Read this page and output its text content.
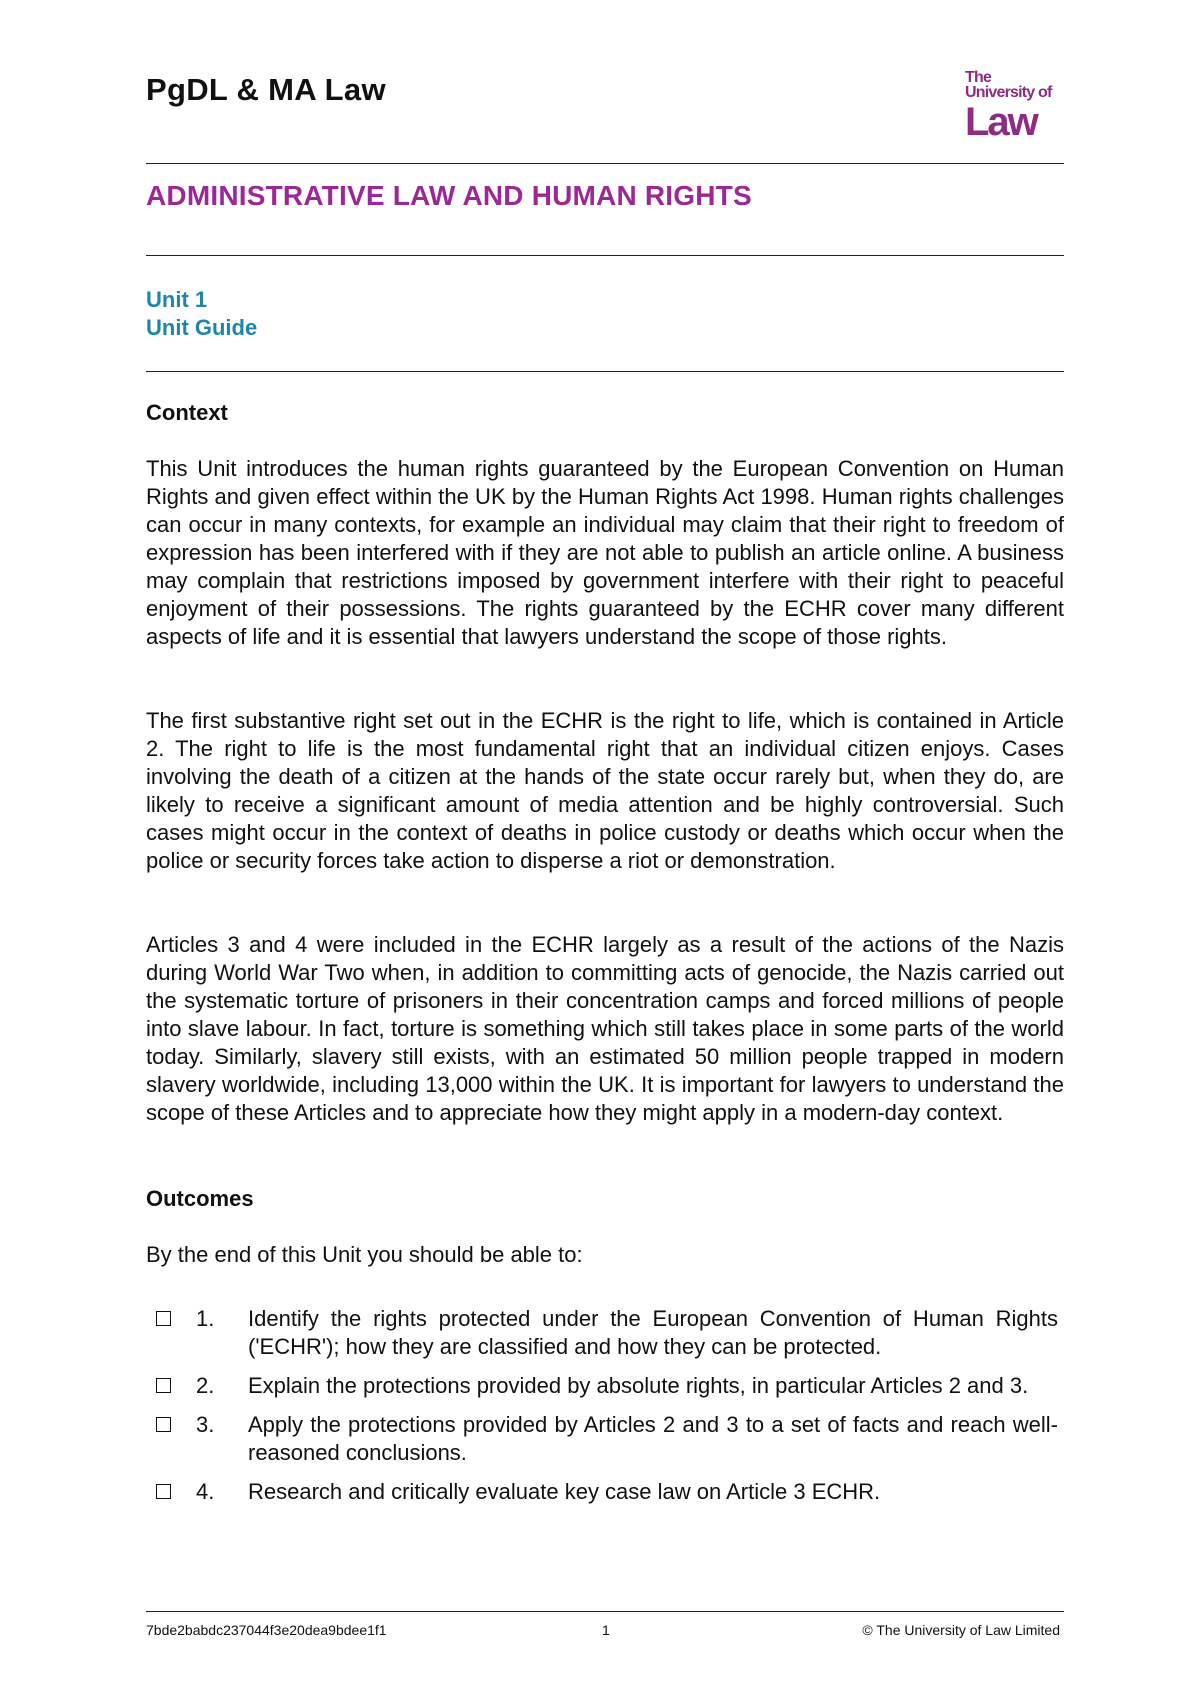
PgDL & MA Law	The
University of
Law
ADMINISTRATIVE LAW AND HUMAN RIGHTS
Unit 1
Unit Guide
Context

This Unit introduces the human rights guaranteed by the European Convention on Human Rights and given effect within the UK by the Human Rights Act 1998. Human rights challenges can occur in many contexts, for example an individual may claim that their right to freedom of expression has been interfered with if they are not able to publish an article online. A business may complain that restrictions imposed by government interfere with their right to peaceful enjoyment of their possessions. The rights guaranteed by the ECHR cover many different aspects of life and it is essential that lawyers understand the scope of those rights.

The first substantive right set out in the ECHR is the right to life, which is contained in Article 2. The right to life is the most fundamental right that an individual citizen enjoys. Cases involving the death of a citizen at the hands of the state occur rarely but, when they do, are likely to receive a significant amount of media attention and be highly controversial. Such cases might occur in the context of deaths in police custody or deaths which occur when the police or security forces take action to disperse a riot or demonstration.

Articles 3 and 4 were included in the ECHR largely as a result of the actions of the Nazis during World War Two when, in addition to committing acts of genocide, the Nazis carried out the systematic torture of prisoners in their concentration camps and forced millions of people into slave labour. In fact, torture is something which still takes place in some parts of the world today. Similarly, slavery still exists, with an estimated 50 million people trapped in modern slavery worldwide, including 13,000 within the UK. It is important for lawyers to understand the scope of these Articles and to appreciate how they might apply in a modern-day context.

Outcomes

By the end of this Unit you should be able to:

1.	Identify the rights protected under the European Convention of Human Rights ('ECHR'); how they are classified and how they can be protected.
2.	Explain the protections provided by absolute rights, in particular Articles 2 and 3.
3.	Apply the protections provided by Articles 2 and 3 to a set of facts and reach well-reasoned conclusions.
4.	Research and critically evaluate key case law on Article 3 ECHR.
7bde2babdc237044f3e20dea9bdee1f1	1	© The University of Law Limited
